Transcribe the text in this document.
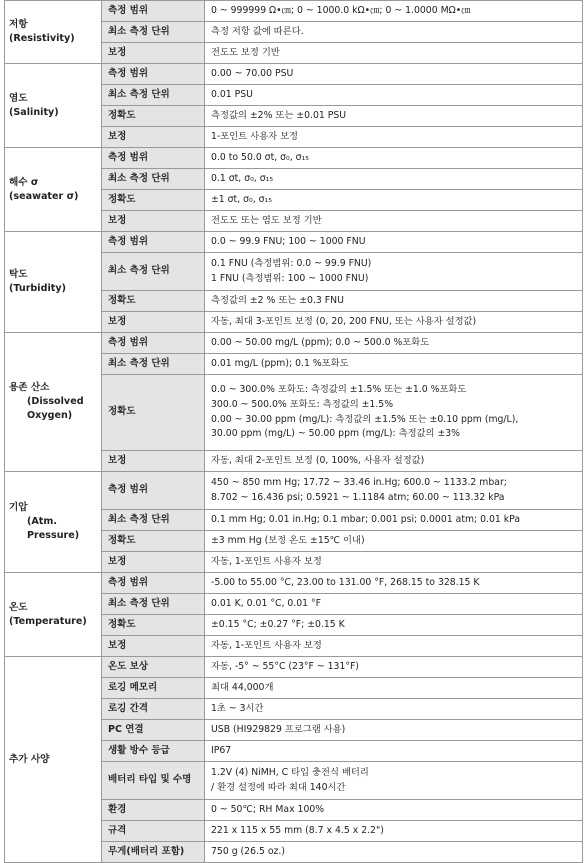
저항
(Resistivity)	측정 범위	0 ~ 999999 Ω•㎝; 0 ~ 1000.0 kΩ•㎝; 0 ~ 1.0000 MΩ•㎝

	최소 측정 단위	측정 저항 값에 따른다.

	보정	전도도 보정 기반

염도
(Salinity)	측정 범위	0.00 ~ 70.00 PSU

	최소 측정 단위	0.01 PSU

	정확도	측정값의 ±2% 또는 ±0.01 PSU

	보정	1-포인트 사용자 보정

해수 σ
(seawater σ)	측정 범위	0.0 to 50.0 σt, σ₀, σ₁₅

	최소 측정 단위	0.1 σt, σ₀, σ₁₅

	정확도	±1 σt, σ₀, σ₁₅

	보정	전도도 또는 염도 보정 기반

탁도
(Turbidity)	측정 범위	0.0 ~ 99.9 FNU; 100 ~ 1000 FNU

	최소 측정 단위	0.1 FNU (측정범위: 0.0 ~ 99.9 FNU)
1 FNU (측정범위: 100 ~ 1000 FNU)

	정확도	측정값의 ±2 % 또는 ±0.3 FNU

	보정	자동, 최대 3-포인트 보정 (0, 20, 200 FNU, 또는 사용자 설정값)

용존 산소
(Dissolved
Oxygen)	측정 범위	0.00 ~ 50.00 mg/L (ppm); 0.0 ~ 500.0 %포화도

	최소 측정 단위	0.01 mg/L (ppm); 0.1 %포화도

	정확도	0.0 ~ 300.0% 포화도: 측정값의 ±1.5% 또는 ±1.0 %포화도
300.0 ~ 500.0% 포화도: 측정값의 ±1.5%
0.00 ~ 30.00 ppm (mg/L): 측정값의 ±1.5% 또는 ±0.10 ppm (mg/L),
30.00 ppm (mg/L) ~ 50.00 ppm (mg/L): 측정값의 ±3%

	보정	자동, 최대 2-포인트 보정 (0, 100%, 사용자 설정값)

기압
(Atm.
Pressure)	측정 범위	450 ~ 850 mm Hg; 17.72 ~ 33.46 in.Hg; 600.0 ~ 1133.2 mbar;
8.702 ~ 16.436 psi; 0.5921 ~ 1.1184 atm; 60.00 ~ 113.32 kPa

	최소 측정 단위	0.1 mm Hg; 0.01 in.Hg; 0.1 mbar; 0.001 psi; 0.0001 atm; 0.01 kPa

	정확도	±3 mm Hg (보정 온도 ±15℃ 이내)

	보정	자동, 1-포인트 사용자 보정

온도
(Temperature)	측정 범위	-5.00 to 55.00 °C, 23.00 to 131.00 °F, 268.15 to 328.15 K

	최소 측정 단위	0.01 K, 0.01 °C, 0.01 °F

	정확도	±0.15 °C; ±0.27 °F; ±0.15 K

	보정	자동, 1-포인트 사용자 보정

추가 사양	온도 보상	자동, -5° ~ 55°C (23°F ~ 131°F)

	로깅 메모리	최대 44,000개

	로깅 간격	1초 ~ 3시간

	PC 연결	USB (HI929829 프로그램 사용)

	생활 방수 등급	IP67

	배터리 타입 및 수명	1.2V (4) NiMH, C 타입 충전식 배터리
/ 환경 설정에 따라 최대 140시간

	환경	0 ~ 50℃; RH Max 100%

	규격	221 x 115 x 55 mm (8.7 x 4.5 x 2.2")

	무게(배터리 포함)	750 g (26.5 oz.)
